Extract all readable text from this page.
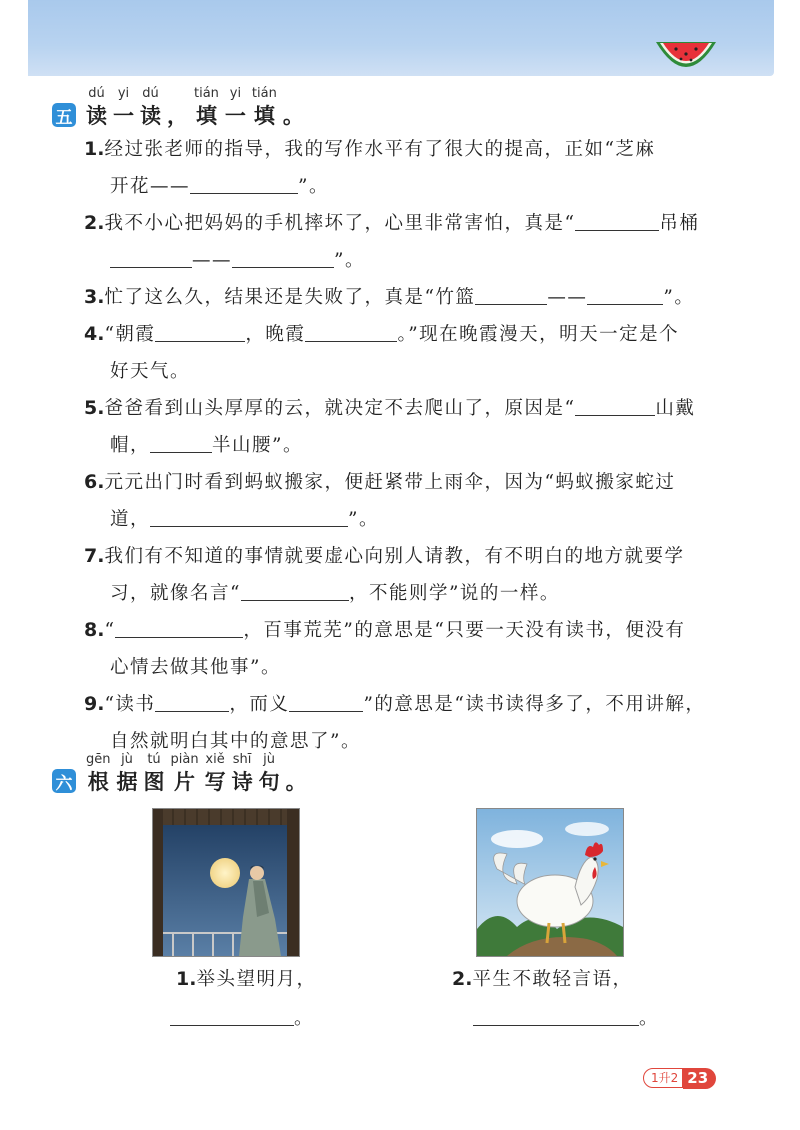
五
dú
读
yi
一
dú
读 ，
tián
填
yi
一
tián
填 。
1.经过张老师的指导，我的写作水平有了很大的提高，正如“芝麻
开花——	”。
2.我不小心把妈妈的手机摔坏了，心里非常害怕，真是“	吊桶
——	”。
3.忙了这么久，结果还是失败了，真是“竹篮	——	”。
4.“朝霞	，晚霞	。”现在晚霞漫天，明天一定是个
好天气。
5.爸爸看到山头厚厚的云，就决定不去爬山了，原因是“	山戴
帽，	半山腰”。
6.元元出门时看到蚂蚁搬家，便赶紧带上雨伞，因为“蚂蚁搬家蛇过
道，	”。
7.我们有不知道的事情就要虚心向别人请教，有不明白的地方就要学
习，就像名言“	，不能则学”说的一样。
8.“	，百事荒芜”的意思是“只要一天没有读书，便没有
心情去做其他事”。
9.“读书	，而义	”的意思是“读书读得多了，不用讲解，
自然就明白其中的意思了”。
六
gēn
根
jù
据
tú
图
piàn
片
xiě
写
shī
诗
jù
句 。
2.平生不敢轻言语，
1.举头望明月，
。	。
1升2 23
